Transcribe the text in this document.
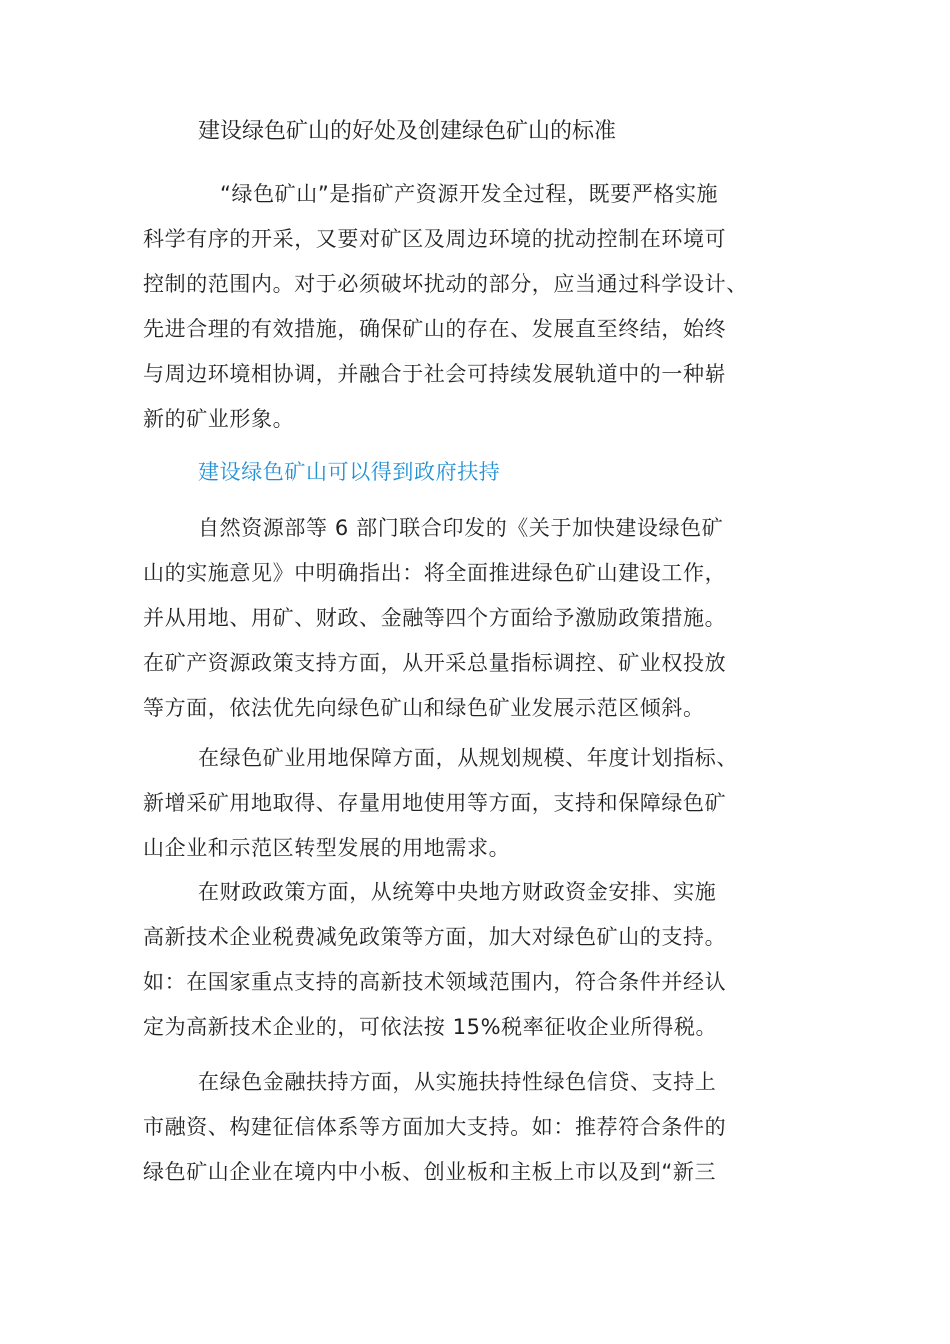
建设绿色矿山的好处及创建绿色矿山的标准
“绿色矿山”是指矿产资源开发全过程，既要严格实施
科学有序的开采，又要对矿区及周边环境的扰动控制在环境可
控制的范围内。对于必须破坏扰动的部分，应当通过科学设计、
先进合理的有效措施，确保矿山的存在、发展直至终结，始终
与周边环境相协调，并融合于社会可持续发展轨道中的一种崭
新的矿业形象。
建设绿色矿山可以得到政府扶持
自然资源部等 6 部门联合印发的《关于加快建设绿色矿
山的实施意见》中明确指出：将全面推进绿色矿山建设工作，
并从用地、用矿、财政、金融等四个方面给予激励政策措施。
在矿产资源政策支持方面，从开采总量指标调控、矿业权投放
等方面，依法优先向绿色矿山和绿色矿业发展示范区倾斜。
在绿色矿业用地保障方面，从规划规模、年度计划指标、
新增采矿用地取得、存量用地使用等方面，支持和保障绿色矿
山企业和示范区转型发展的用地需求。
在财政政策方面，从统筹中央地方财政资金安排、实施
高新技术企业税费减免政策等方面，加大对绿色矿山的支持。
如：在国家重点支持的高新技术领域范围内，符合条件并经认
定为高新技术企业的，可依法按 15%税率征收企业所得税。
在绿色金融扶持方面，从实施扶持性绿色信贷、支持上
市融资、构建征信体系等方面加大支持。如：推荐符合条件的
绿色矿山企业在境内中小板、创业板和主板上市以及到“新三
